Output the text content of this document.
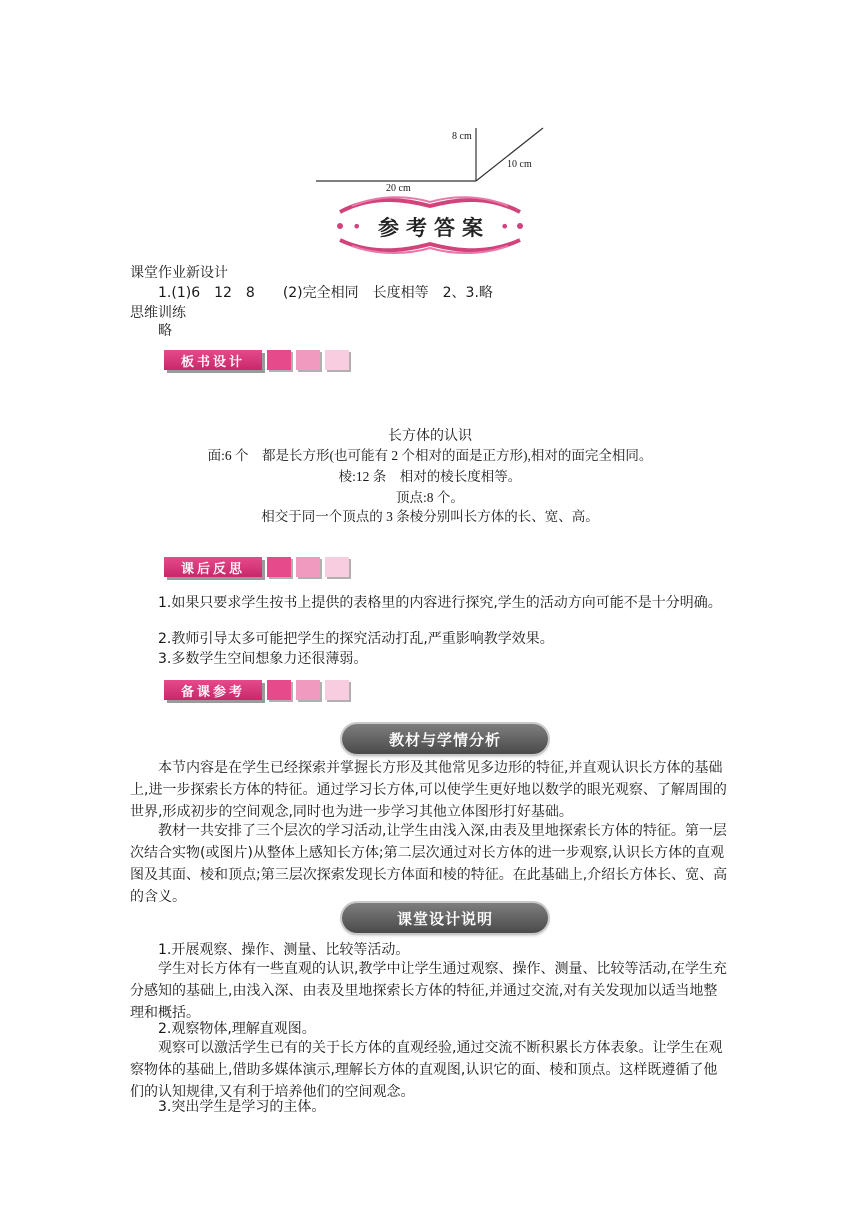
8 cm
10 cm
20 cm
•	•
参考答案
课堂作业新设计
1.(1)6　12　8　　(2)完全相同　长度相等　2、3.略
思维训练
略
板书设计
长方体的认识
面:6 个　都是长方形(也可能有 2 个相对的面是正方形),相对的面完全相同。
棱:12 条　相对的棱长度相等。
顶点:8 个。
相交于同一个顶点的 3 条棱分别叫长方体的长、宽、高。
课后反思
1.如果只要求学生按书上提供的表格里的内容进行探究,学生的活动方向可能不是十分明确。
2.教师引导太多可能把学生的探究活动打乱,严重影响教学效果。
3.多数学生空间想象力还很薄弱。
备课参考
教材与学情分析
本节内容是在学生已经探索并掌握长方形及其他常见多边形的特征,并直观认识长方体的基础上,进一步探索长方体的特征。通过学习长方体,可以使学生更好地以数学的眼光观察、了解周围的世界,形成初步的空间观念,同时也为进一步学习其他立体图形打好基础。
教材一共安排了三个层次的学习活动,让学生由浅入深,由表及里地探索长方体的特征。第一层次结合实物(或图片)从整体上感知长方体;第二层次通过对长方体的进一步观察,认识长方体的直观图及其面、棱和顶点;第三层次探索发现长方体面和棱的特征。在此基础上,介绍长方体长、宽、高的含义。
课堂设计说明
1.开展观察、操作、测量、比较等活动。
学生对长方体有一些直观的认识,教学中让学生通过观察、操作、测量、比较等活动,在学生充分感知的基础上,由浅入深、由表及里地探索长方体的特征,并通过交流,对有关发现加以适当地整理和概括。
2.观察物体,理解直观图。
观察可以激活学生已有的关于长方体的直观经验,通过交流不断积累长方体表象。让学生在观察物体的基础上,借助多媒体演示,理解长方体的直观图,认识它的面、棱和顶点。这样既遵循了他们的认知规律,又有利于培养他们的空间观念。
3.突出学生是学习的主体。
